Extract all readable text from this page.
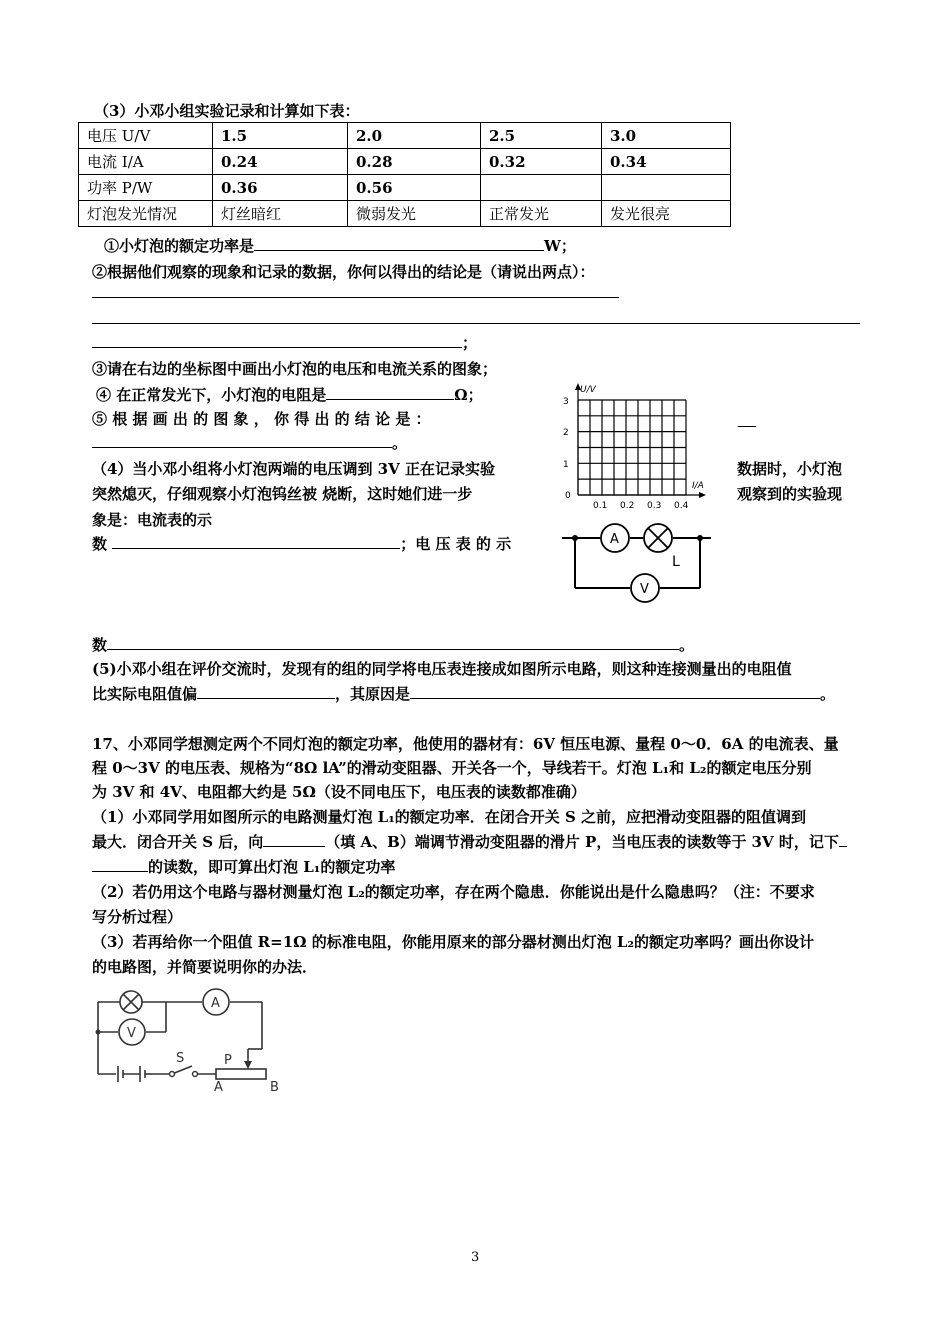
（3）小邓小组实验记录和计算如下表：
电压 U/V	1.5	2.0	2.5	3.0
电流 I/A	0.24	0.28	0.32	0.34
功率 P/W	0.36	0.56		
灯泡发光情况	灯丝暗红	微弱发光	正常发光	发光很亮
①小灯泡的额定功率是	W；
②根据他们观察的现象和记录的数据，你何以得出的结论是（请说出两点）：
；
③请在右边的坐标图中画出小灯泡的电压和电流关系的图象；
④ 在正常发光下，小灯泡的电阻是	Ω；
⑤ 根 据 画 出 的 图 象 ， 你 得 出 的 结 论 是 ：
。
U/V
I/A
1
2
3
0
0.1 0.2 0.3 0.4
A
L
V
（4）当小邓小组将小灯泡两端的电压调到 3V 正在记录实验	数据时，小灯泡
突然熄灭，仔细观察小灯泡钨丝被 烧断，这时她们进一步	观察到的实验现
象是：电流表的示
数	；电 压 表 的 示
数	。
(5)小邓小组在评价交流时，发现有的组的同学将电压表连接成如图所示电路，则这种连接测量出的电阻值
比实际电阻值偏	，其原因是	。
17、小邓同学想测定两个不同灯泡的额定功率，他使用的器材有：6V 恒压电源、量程 0～0．6A 的电流表、量
程 0～3V 的电压表、规格为“8Ω lA”的滑动变阻器、开关各一个，导线若干。灯泡 L₁和 L₂的额定电压分别
为 3V 和 4V、电阻都大约是 5Ω（设不同电压下，电压表的读数都准确）
（1）小邓同学用如图所示的电路测量灯泡 L₁的额定功率．在闭合开关 S 之前，应把滑动变阻器的阻值调到
最大．闭合开关 S 后，向	（填 A、B）端调节滑动变阻器的滑片 P，当电压表的读数等于 3V 时，记下
的读数，即可算出灯泡 L₁的额定功率
（2）若仍用这个电路与器材测量灯泡 L₂的额定功率，存在两个隐患．你能说出是什么隐患吗？（注：不要求
写分析过程）
（3）若再给你一个阻值 R=1Ω 的标准电阻，你能用原来的部分器材测出灯泡 L₂的额定功率吗？画出你设计
的电路图，并简要说明你的办法．
A
V
S	P
A	B
3
